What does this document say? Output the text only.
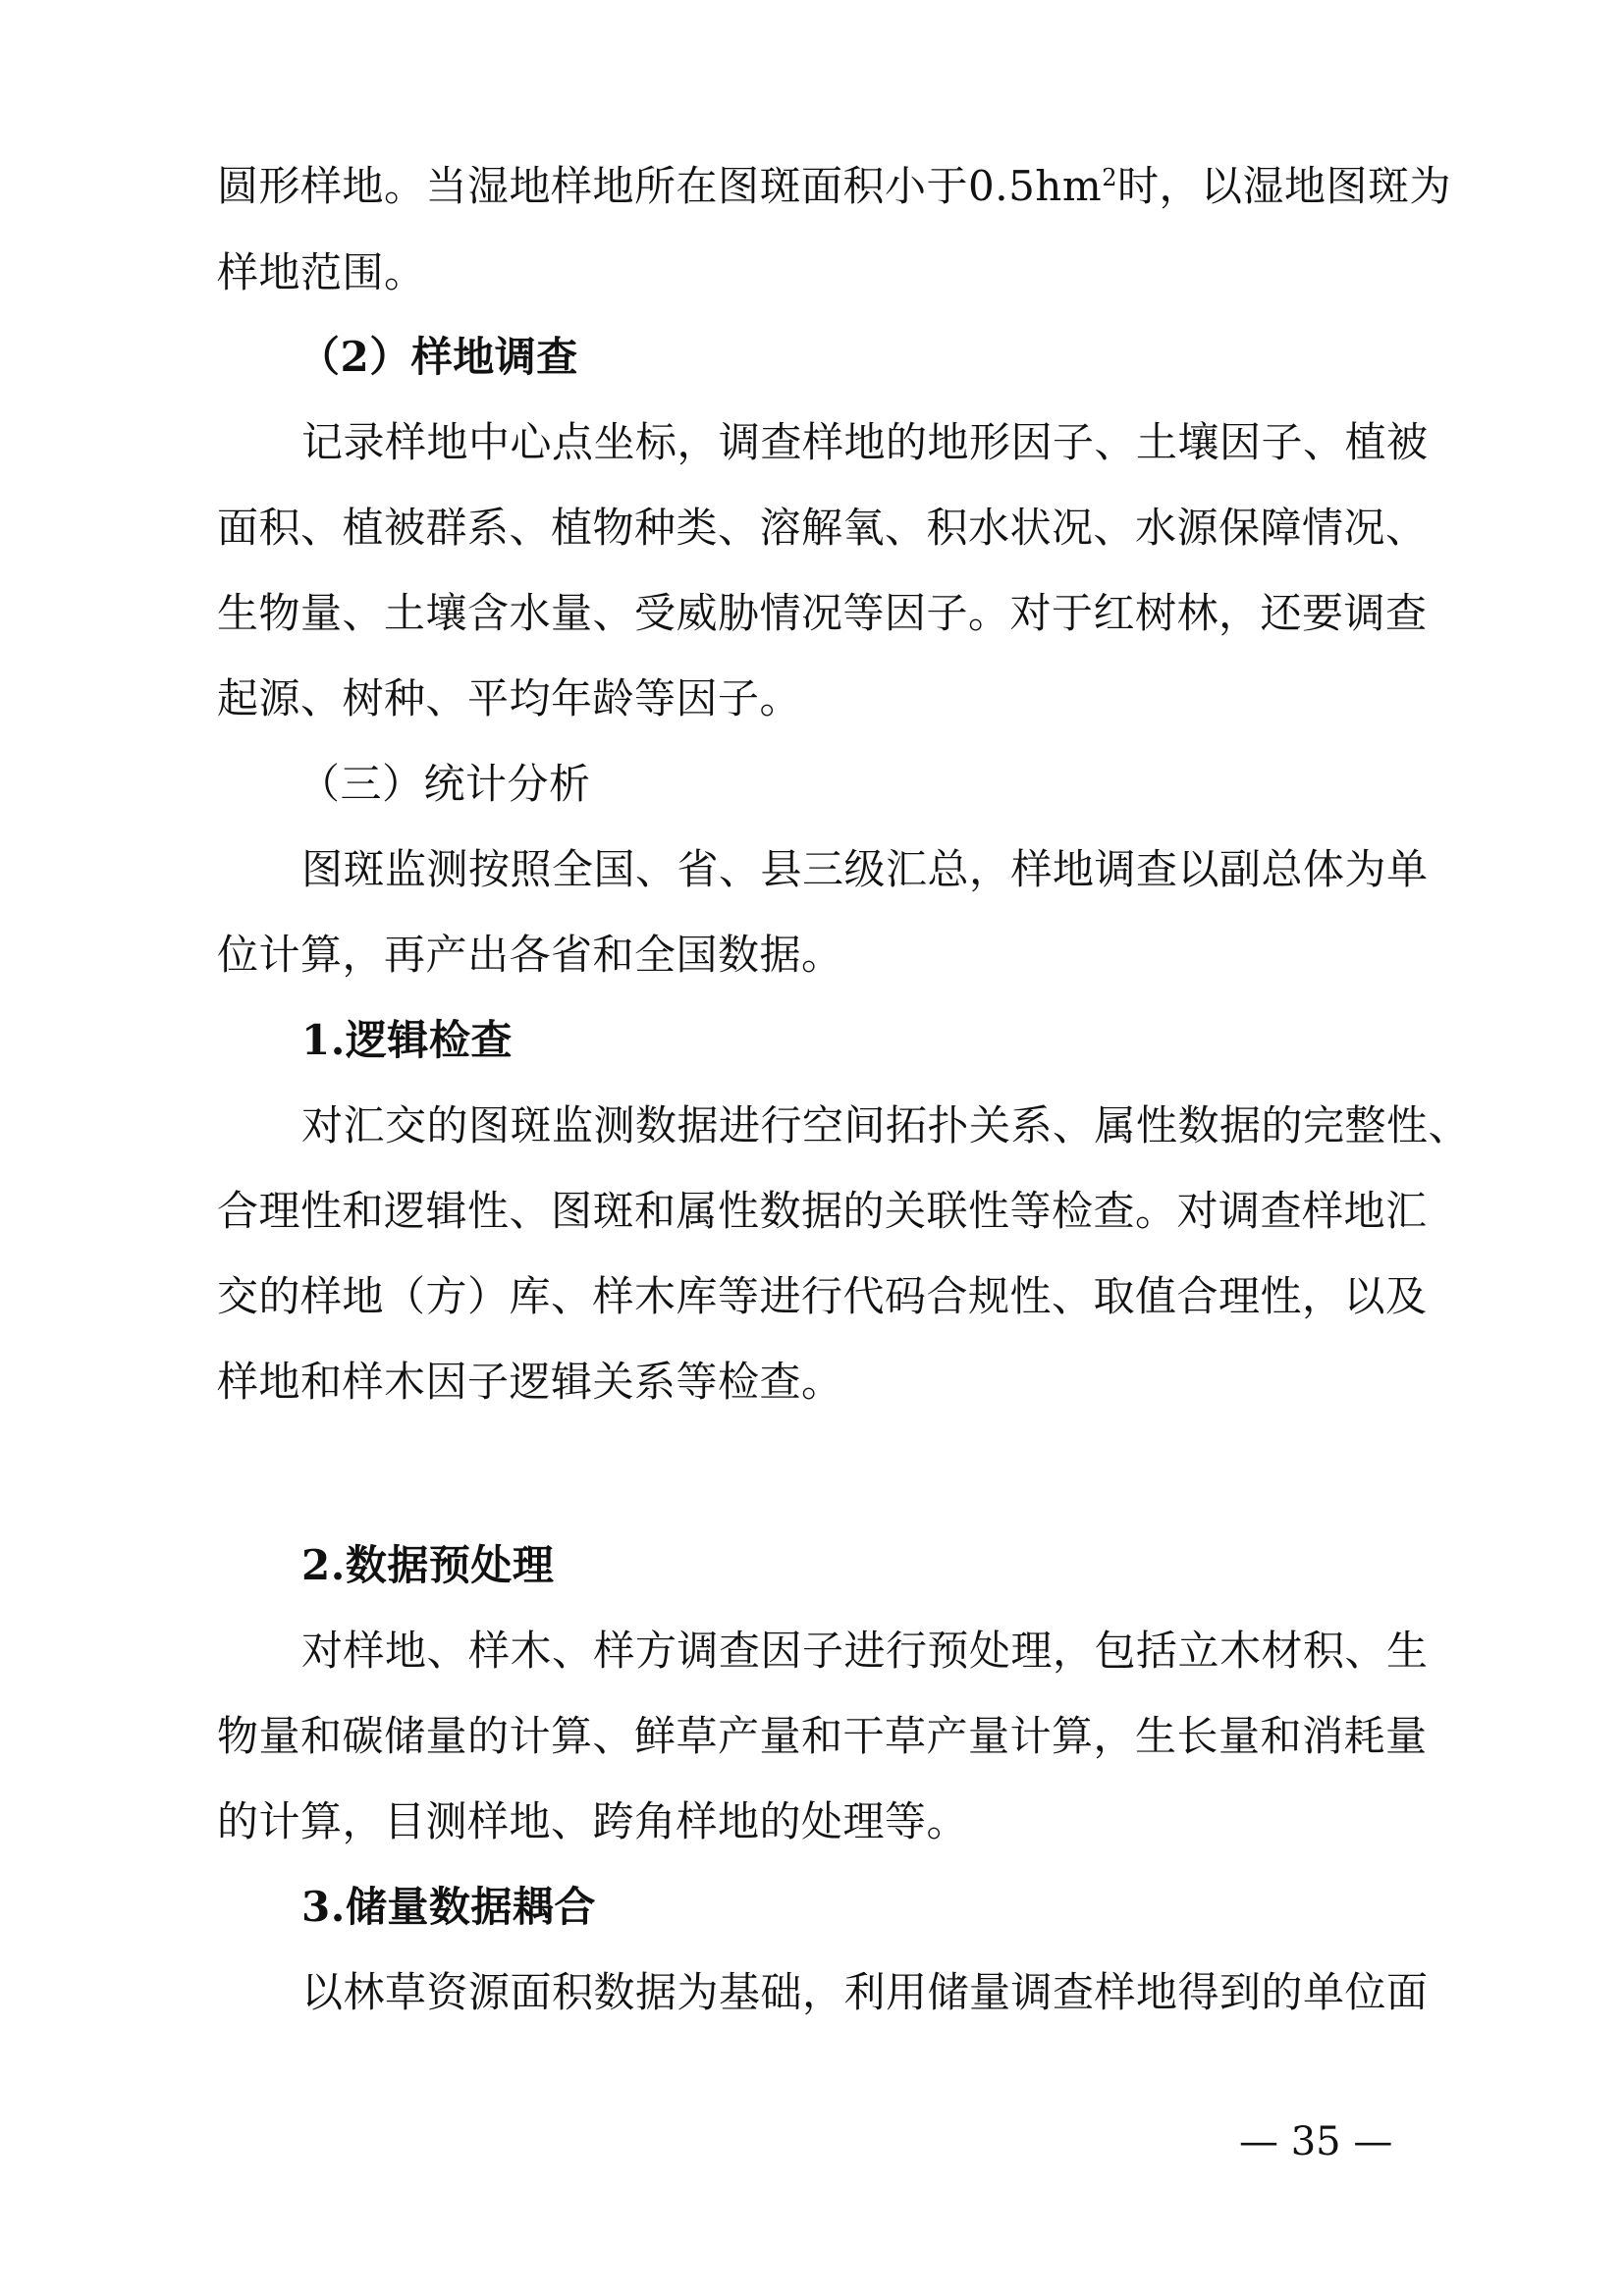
圆形样地。当湿地样地所在图斑面积小于$0.5hm^2$时，以湿地图斑为
样地范围。
（2）样地调查
记录样地中心点坐标，调查样地的地形因子、土壤因子、植被
面积、植被群系、植物种类、溶解氧、积水状况、水源保障情况、
生物量、土壤含水量、受威胁情况等因子。对于红树林，还要调查
起源、树种、平均年龄等因子。
（三）统计分析
图斑监测按照全国、省、县三级汇总，样地调查以副总体为单
位计算，再产出各省和全国数据。
1.逻辑检查
对汇交的图斑监测数据进行空间拓扑关系、属性数据的完整性、
合理性和逻辑性、图斑和属性数据的关联性等检查。对调查样地汇
交的样地（方）库、样木库等进行代码合规性、取值合理性，以及
样地和样木因子逻辑关系等检查。
2.数据预处理
对样地、样木、样方调查因子进行预处理，包括立木材积、生
物量和碳储量的计算、鲜草产量和干草产量计算，生长量和消耗量
的计算，目测样地、跨角样地的处理等。
3.储量数据耦合
以林草资源面积数据为基础，利用储量调查样地得到的单位面
— 35 —
